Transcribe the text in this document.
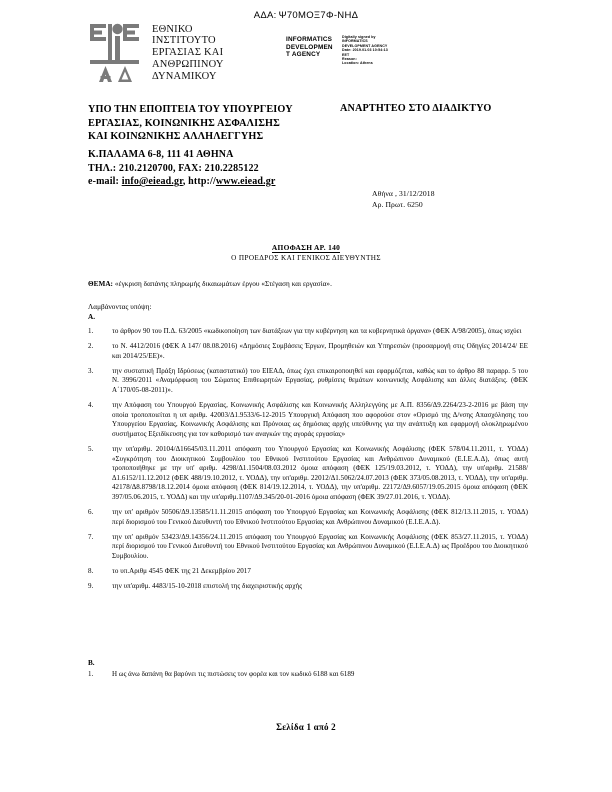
ΑΔΑ: Ψ70ΜΟΞ7Φ-ΝΗΔ
ΕΘΝΙΚΟ
ΙΝΣΤΙΤΟΥΤΟ
ΕΡΓΑΣΙΑΣ ΚΑΙ
ΑΝΘΡΩΠΙΝΟΥ
ΔΥΝΑΜΙΚΟΥ
INFORMATICS
DEVELOPMEN
T AGENCY
Digitally signed by
INFORMATICS
DEVELOPMENT AGENCY
Date: 2019.01.03 10:54:13
EET
Reason:
Location: Athens
ΥΠΟ ΤΗΝ ΕΠΟΠΤΕΙΑ ΤΟΥ ΥΠΟΥΡΓΕΙΟΥ
ΕΡΓΑΣΙΑΣ, ΚΟΙΝΩΝΙΚΗΣ ΑΣΦΑΛΙΣΗΣ
ΚΑΙ ΚΟΙΝΩΝΙΚΗΣ ΑΛΛΗΛΕΓΓΥΗΣ
ΑΝΑΡΤΗΤΕΟ ΣΤΟ ΔΙΑΔΙΚΤΥΟ
Κ.ΠΑΛΑΜΑ 6-8, 111 41 ΑΘΗΝΑ
ΤΗΛ.: 210.2120700, FAX: 210.2285122
e-mail: info@eiead.gr, http://www.eiead.gr
Αθήνα , 31/12/2018
Αρ. Πρωτ. 6250
ΑΠΟΦΑΣΗ ΑΡ. 140
Ο ΠΡΟΕΔΡΟΣ ΚΑΙ ΓΕΝΙΚΟΣ ΔΙΕΥΘΥΝΤΗΣ
ΘΕΜΑ: «έγκριση δαπάνης πληρωμής δικαιωμάτων έργου «Στέγαση και εργασία».
Λαμβάνοντας υπόψη:
Α.
1.	το άρθρον 90 του Π.Δ. 63/2005 «κωδικοποίηση των διατάξεων για την κυβέρνηση και τα κυβερνητικά όργανα» (ΦΕΚ Α/98/2005), όπως ισχύει
2.	το Ν. 4412/2016 (ΦΕΚ Α 147/ 08.08.2016) «Δημόσιες Συμβάσεις Έργων, Προμηθειών και Υπηρεσιών (προσαρμογή στις Οδηγίες 2014/24/ ΕΕ και 2014/25/ΕΕ)».
3.	την συστατική Πράξη Ιδρύσεως (καταστατικό) του ΕΙΕΑΔ, όπως έχει επικαιροποιηθεί και εφαρμόζεται, καθώς και το άρθρο 88 παραρρ. 5 του Ν. 3996/2011 «Αναμόρφωση του Σώματος Επιθεωρητών Εργασίας, ρυθμίσεις θεμάτων κοινωνικής Ασφάλισης και άλλες διατάξεις. (ΦΕΚ Α΄170/05-08-2011)».
4.	την Απόφαση του Υπουργού Εργασίας, Κοινωνικής Ασφάλισης και Κοινωνικής Αλληλεγγύης με Α.Π. 8356/Δ9.2264/23-2-2016 με βάση την οποία τροποποιείται η υπ αριθμ. 42003/Δ1.9533/6-12-2015 Υπουργική Απόφαση που αφορούσε στον «Ορισμό της Δ/νσης Απασχόλησης του Υπουργείου Εργασίας, Κοινωνικής Ασφάλισης και Πρόνοιας ως δημόσιας αρχής υπεύθυνης για την ανάπτυξη και εφαρμογή ολοκληρωμένου συστήματος Εξειδίκευσης για τον καθορισμό των αναγκών της αγοράς εργασίας»
5.	την υπ'αριθμ. 20104/Δ16645/03.11.2011 απόφαση του Υπουργού Εργασίας και Κοινωνικής Ασφάλισης (ΦΕΚ 578/04.11.2011, τ. ΥΟΔΔ) «Συγκρότηση του Διοικητικού Συμβουλίου του Εθνικού Ινστιτούτου Εργασίας και Ανθρώπινου Δυναμικού (Ε.Ι.Ε.Α.Δ), όπως αυτή τροποποιήθηκε με την υπ' αριθμ. 4298/Δ1.1504/08.03.2012 όμοια απόφαση (ΦΕΚ 125/19.03.2012, τ. ΥΟΔΔ), την υπ'αριθμ. 21588/Δ1.6152/11.12.2012 (ΦΕΚ 488/19.10.2012, τ. ΥΟΔΔ), την υπ'αριθμ. 22012/Δ1.5062/24.07.2013 (ΦΕΚ 373/05.08.2013, τ. ΥΟΔΔ), την υπ'αριθμ. 42178/Δ8.8798/18.12.2014 όμοια απόφαση (ΦΕΚ 814/19.12.2014, τ. ΥΟΔΔ), την υπ'αριθμ. 22172/Δ9.6057/19.05.2015 όμοια απόφαση (ΦΕΚ 397/05.06.2015, τ. ΥΟΔΔ) και την υπ'αριθμ.1107/Δ9.345/20-01-2016 όμοια απόφαση (ΦΕΚ 39/27.01.2016, τ. ΥΟΔΔ).
6.	την υπ' αριθμόν 50506/Δ9.13585/11.11.2015 απόφαση του Υπουργού Εργασίας και Κοινωνικής Ασφάλισης (ΦΕΚ 812/13.11.2015, τ. ΥΟΔΔ) περί διορισμού του Γενικού Διευθυντή του Εθνικού Ινστιτούτου Εργασίας και Ανθρώπινου Δυναμικού (Ε.Ι.Ε.Α.Δ).
7.	την υπ' αριθμόν 53423/Δ9.14356/24.11.2015 απόφαση του Υπουργού Εργασίας και Κοινωνικής Ασφάλισης (ΦΕΚ 853/27.11.2015, τ. ΥΟΔΔ) περί διορισμού του Γενικού Διευθυντή του Εθνικού Ινστιτούτου Εργασίας και Ανθρώπινου Δυναμικού (Ε.Ι.Ε.Α.Δ) ως Προέδρου του Διοικητικού Συμβουλίου.
8.	το υπ.Αριθμ 4545 ΦΕΚ της 21 Δεκεμβρίου 2017
9.	την υπ'αριθμ. 4483/15-10-2018 επιστολή της διαχειριστικής αρχής
Β.
1.	Η ως άνω δαπάνη θα βαρύνει τις πιστώσεις τον φορέα και τον κωδικό 6188 και 6189
Σελίδα 1 από 2
